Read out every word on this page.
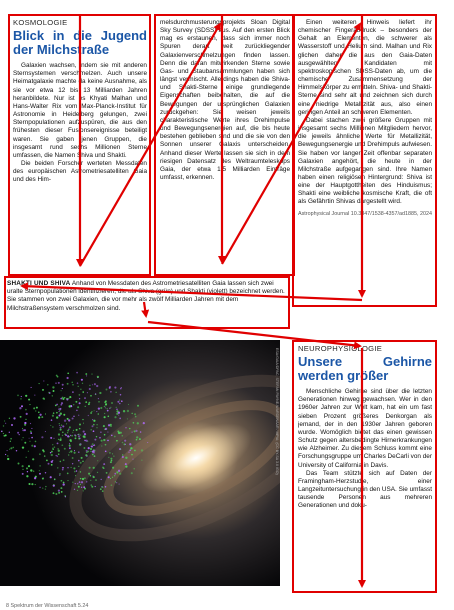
KOSMOLOGIE
Blick in die Jugend der Milchstraße

Galaxien wachsen, indem sie mit anderen Sternsystemen verschmelzen. Auch unsere Heimatgalaxie machte da keine Ausnahme, als sie vor etwa 12 bis 13 Milliarden Jahren heranbildete. Nur ist es Khyati Malhan und Hans-Walter Rix vom Max-Planck-Institut für Astronomie in Heidelberg gelungen, zwei Sternpopulationen aufzuspüren, die aus den frühesten dieser Fusionsereignisse beteiligt waren. Sie gaben jenen Gruppen, die insgesamt rund sechs Millionen Sterne umfassen, die Namen Shiva und Shakti.

Die beiden Forscher werteten Messdaten des europäischen Astrometriesatelliten Gaia und des Him-

melsdurchmusterungsprojekts Sloan Digital Sky Survey (SDSS) aus. Auf den ersten Blick mag es erstaunen, dass sich immer noch Spuren derart weit zurückliegender Galaxienverschmelzungen finden lassen. Denn die daran mitwirkenden Sterne sowie Gas- und Staubansammlungen haben sich längst vermischt. Allerdings haben die Shiva- und Shakti-Sterne einige grundlegende Eigenschaften beibehalten, die auf die Bewegungen der ursprünglichen Galaxien zurückgehen: Sie weisen jeweils charakteristische Werte ihres Drehimpulse und Bewegungsenergien auf, die bis heute bestehen geblieben sind und die sie von den Sonnen unserer Galaxis unterscheiden. Anhand dieser Werte lassen sie sich in dem riesigen Datensatz des Weltraumteleskops Gaia, der etwa 1,5 Milliarden Einträge umfasst, erkennen.

Einen weiteren Hinweis liefert ihr chemischer Fingerabdruck – besonders der Gehalt an Elementen, die schwerer als Wasserstoff und Helium sind. Malhan und Rix glichen daher die aus den Gaia-Daten ausgewählten Kandidaten mit spektroskopischen SDSS-Daten ab, um die chemische Zusammensetzung der Himmelskörper zu ermitteln. Shiva- und Shakti-Sterne sind sehr alt und zeichnen sich durch eine niedrige Metallizität aus, also einen geringen Anteil an schweren Elementen.

Dabei stachen zwei größere Gruppen mit insgesamt sechs Millionen Mitgliedern hervor, die jeweils ähnliche Werte für Metallizität, Bewegungsenergie und Drehimpuls aufwiesen. Sie haben vor langer Zeit offenbar separaten Galaxien angehört, die heute in der Milchstraße aufgegangen sind. Ihre Namen haben einen religiösen Hintergrund: Shiva ist eine der Hauptgottheiten des Hinduismus; Shakti eine weibliche kosmische Kraft, die oft als Gefährtin Shivas dargestellt wird.

Astrophysical Journal 10.3847/1538-4357/ad1885, 2024
SHAKTI UND SHIVA Anhand von Messdaten des Astrometriesatelliten Gaia lassen sich zwei uralte Sternpopulationen identifizieren, die als Shiva (grün) und Shakti (violett) bezeichnet werden. Sie stammen von zwei Galaxien, die vor mehr als zwölf Milliarden Jahren mit dem Milchstraßensystem verschmolzen sind.
ESA/GAIA/DPAC; STEFAN PAYNE-WARDENAAR / MPIA; (CC BY-SA 3.0 IGO)	NEUROPHYSIOLOGIE
Unsere Gehirne werden größer

Menschliche Gehirne sind über die letzten Generationen hinweg gewachsen. Wer in den 1960er Jahren zur Welt kam, hat ein um fast sieben Prozent größeres Denkorgan als jemand, der in den 1930er Jahren geboren wurde. Womöglich bietet das einen gewissen Schutz gegen altersbedingte Hirnerkrankungen wie Alzheimer. Zu diesem Schluss kommt eine Forschungsgruppe um Charles DeCarli von der University of California in Davis.

Das Team stützte sich auf Daten der Framingham-Herzstudie, einer Langzeituntersuchung in den USA. Sie umfasst tausende Personen aus mehreren Generationen und doku-

8 Spektrum der Wissenschaft 5.24
